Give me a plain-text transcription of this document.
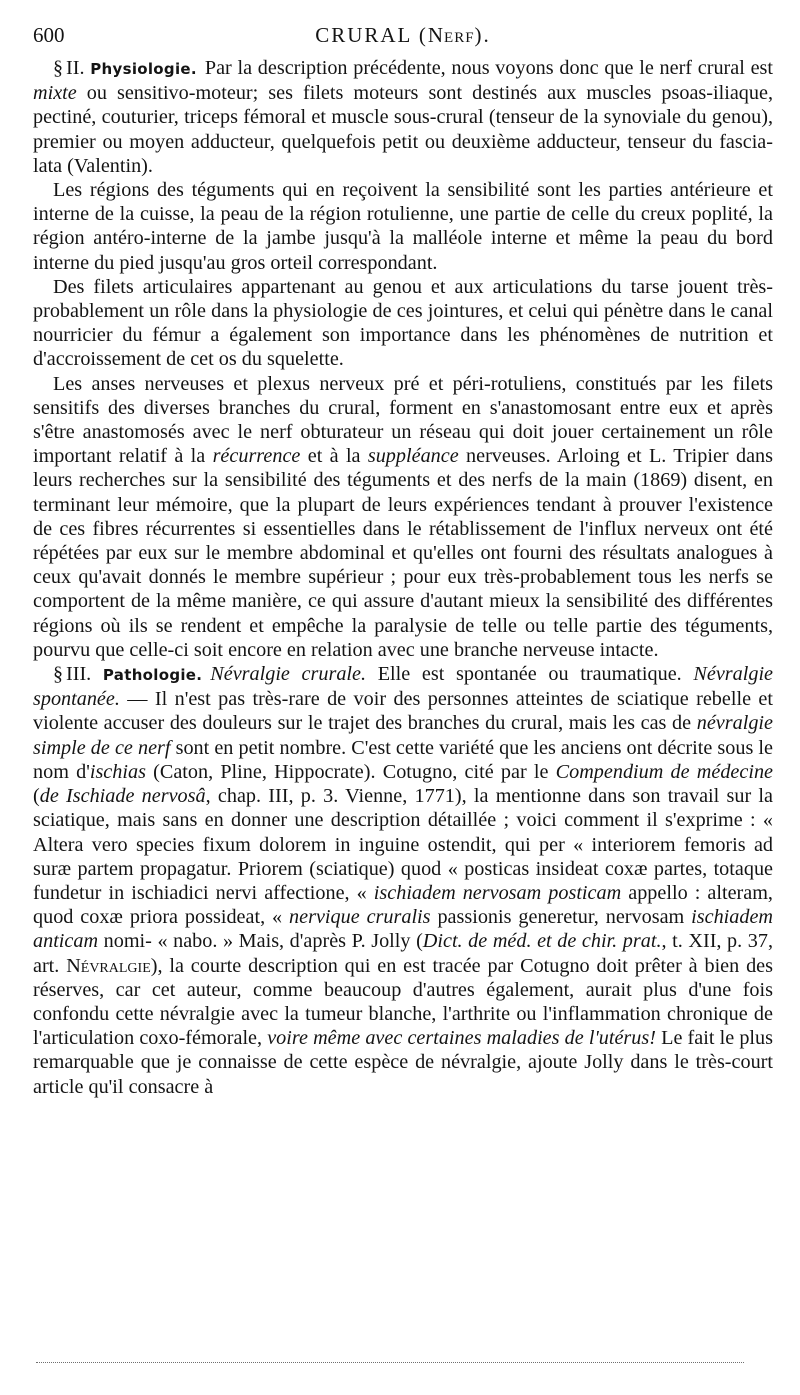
600	CRURAL (Nerf).

§ II. Physiologie. Par la description précédente, nous voyons donc que le nerf crural est mixte ou sensitivo-moteur; ses filets moteurs sont destinés aux muscles psoas-iliaque, pectiné, couturier, triceps fémoral et muscle sous-crural (tenseur de la synoviale du genou), premier ou moyen adducteur, quelquefois petit ou deuxième adducteur, tenseur du fascia-lata (Valentin).

Les régions des téguments qui en reçoivent la sensibilité sont les parties antérieure et interne de la cuisse, la peau de la région rotulienne, une partie de celle du creux poplité, la région antéro-interne de la jambe jusqu'à la malléole interne et même la peau du bord interne du pied jusqu'au gros orteil correspondant.

Des filets articulaires appartenant au genou et aux articulations du tarse jouent très-probablement un rôle dans la physiologie de ces jointures, et celui qui pénètre dans le canal nourricier du fémur a également son importance dans les phénomènes de nutrition et d'accroissement de cet os du squelette.

Les anses nerveuses et plexus nerveux pré et péri-rotuliens, constitués par les filets sensitifs des diverses branches du crural, forment en s'anastomosant entre eux et après s'être anastomosés avec le nerf obturateur un réseau qui doit jouer certainement un rôle important relatif à la récurrence et à la suppléance nerveuses. Arloing et L. Tripier dans leurs recherches sur la sensibilité des téguments et des nerfs de la main (1869) disent, en terminant leur mémoire, que la plupart de leurs expériences tendant à prouver l'existence de ces fibres récurrentes si essentielles dans le rétablissement de l'influx nerveux ont été répétées par eux sur le membre abdominal et qu'elles ont fourni des résultats analogues à ceux qu'avait donnés le membre supérieur ; pour eux très-probablement tous les nerfs se comportent de la même manière, ce qui assure d'autant mieux la sensibilité des différentes régions où ils se rendent et empêche la paralysie de telle ou telle partie des téguments, pourvu que celle-ci soit encore en relation avec une branche nerveuse intacte.

§ III. Pathologie. Névralgie crurale. Elle est spontanée ou traumatique. Névralgie spontanée. — Il n'est pas très-rare de voir des personnes atteintes de sciatique rebelle et violente accuser des douleurs sur le trajet des branches du crural, mais les cas de névralgie simple de ce nerf sont en petit nombre. C'est cette variété que les anciens ont décrite sous le nom d'ischias (Caton, Pline, Hippocrate). Cotugno, cité par le Compendium de médecine (de Ischiade nervosâ, chap. III, p. 3. Vienne, 1771), la mentionne dans son travail sur la sciatique, mais sans en donner une description détaillée ; voici comment il s'exprime : « Altera vero species fixum dolorem in inguine ostendit, qui per « interiorem femoris ad suræ partem propagatur. Priorem (sciatique) quod « posticas insideat coxæ partes, totaque fundetur in ischiadici nervi affectione, « ischiadem nervosam posticam appello : alteram, quod coxæ priora possideat, « nervique cruralis passionis generetur, nervosam ischiadem anticam nomi- « nabo. » Mais, d'après P. Jolly (Dict. de méd. et de chir. prat., t. XII, p. 37, art. Névralgie), la courte description qui en est tracée par Cotugno doit prêter à bien des réserves, car cet auteur, comme beaucoup d'autres également, aurait plus d'une fois confondu cette névralgie avec la tumeur blanche, l'arthrite ou l'inflammation chronique de l'articulation coxo-fémorale, voire même avec certaines maladies de l'utérus! Le fait le plus remarquable que je connaisse de cette espèce de névralgie, ajoute Jolly dans le très-court article qu'il consacre à
